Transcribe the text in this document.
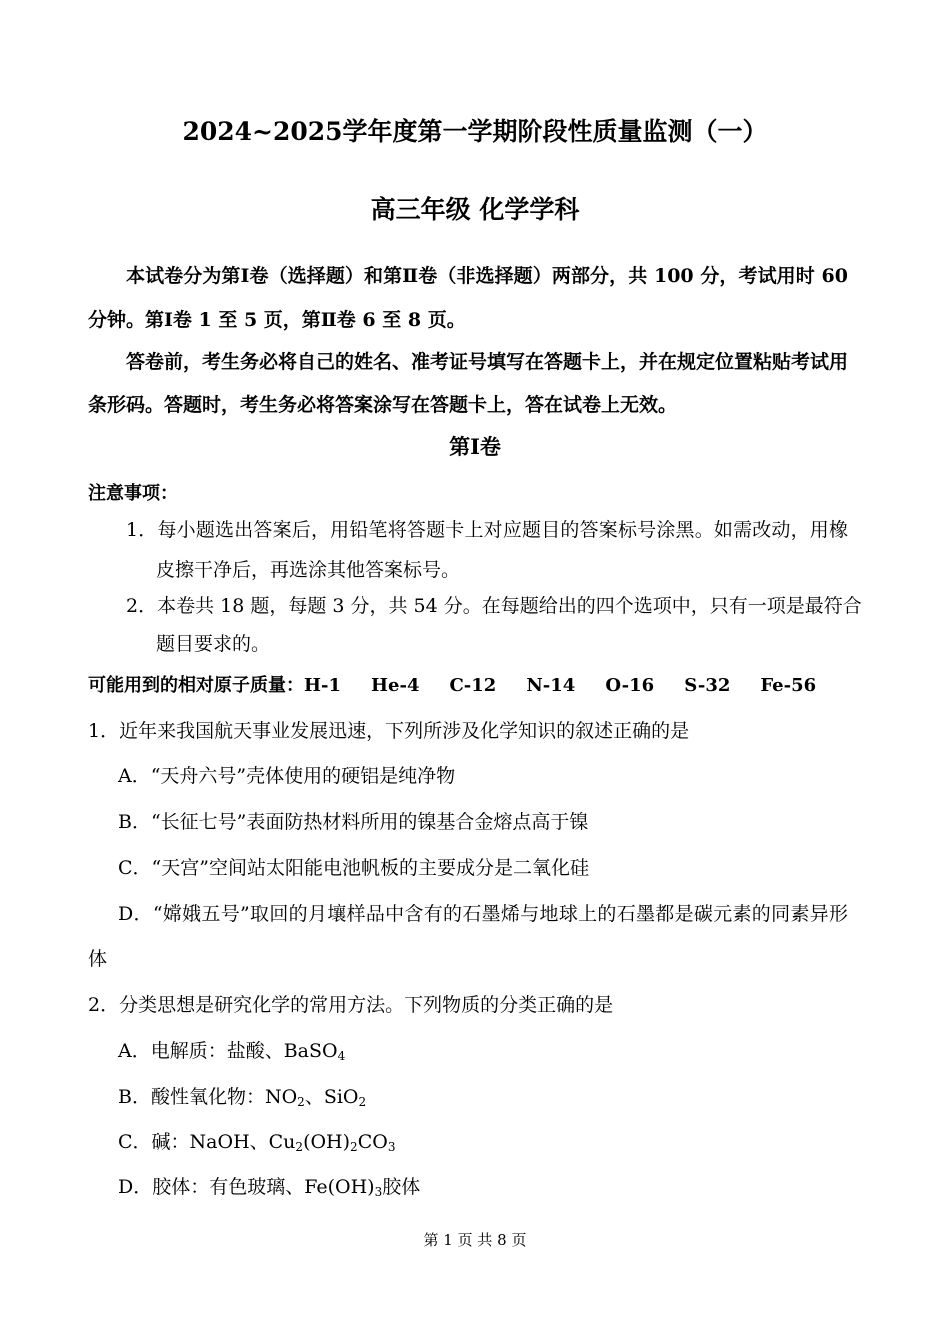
2024~2025学年度第一学期阶段性质量监测（一）
高三年级 化学学科
本试卷分为第Ⅰ卷（选择题）和第Ⅱ卷（非选择题）两部分，共 100 分，考试用时 60
分钟。第Ⅰ卷 1 至 5 页，第Ⅱ卷 6 至 8 页。
答卷前，考生务必将自己的姓名、准考证号填写在答题卡上，并在规定位置粘贴考试用
条形码。答题时，考生务必将答案涂写在答题卡上，答在试卷上无效。
第Ⅰ卷
注意事项：
1．每小题选出答案后，用铅笔将答题卡上对应题目的答案标号涂黑。如需改动，用橡
皮擦干净后，再选涂其他答案标号。
2．本卷共 18 题，每题 3 分，共 54 分。在每题给出的四个选项中，只有一项是最符合
题目要求的。
可能用到的相对原子质量：H-1 He-4 C-12 N-14 O-16 S-32 Fe-56
1．近年来我国航天事业发展迅速，下列所涉及化学知识的叙述正确的是
A．“天舟六号”壳体使用的硬铝是纯净物
B．“长征七号”表面防热材料所用的镍基合金熔点高于镍
C．“天宫”空间站太阳能电池帆板的主要成分是二氧化硅
D．“嫦娥五号”取回的月壤样品中含有的石墨烯与地球上的石墨都是碳元素的同素异形
体
2．分类思想是研究化学的常用方法。下列物质的分类正确的是
A．电解质：盐酸、BaSO$_4$
B．酸性氧化物：$NO_2$、SiO$_2$
C．碱：NaOH、$Cu_2(OH)_2CO_3$
D．胶体：有色玻璃、$Fe(OH)_3$胶体
第 1 页 共 8 页
